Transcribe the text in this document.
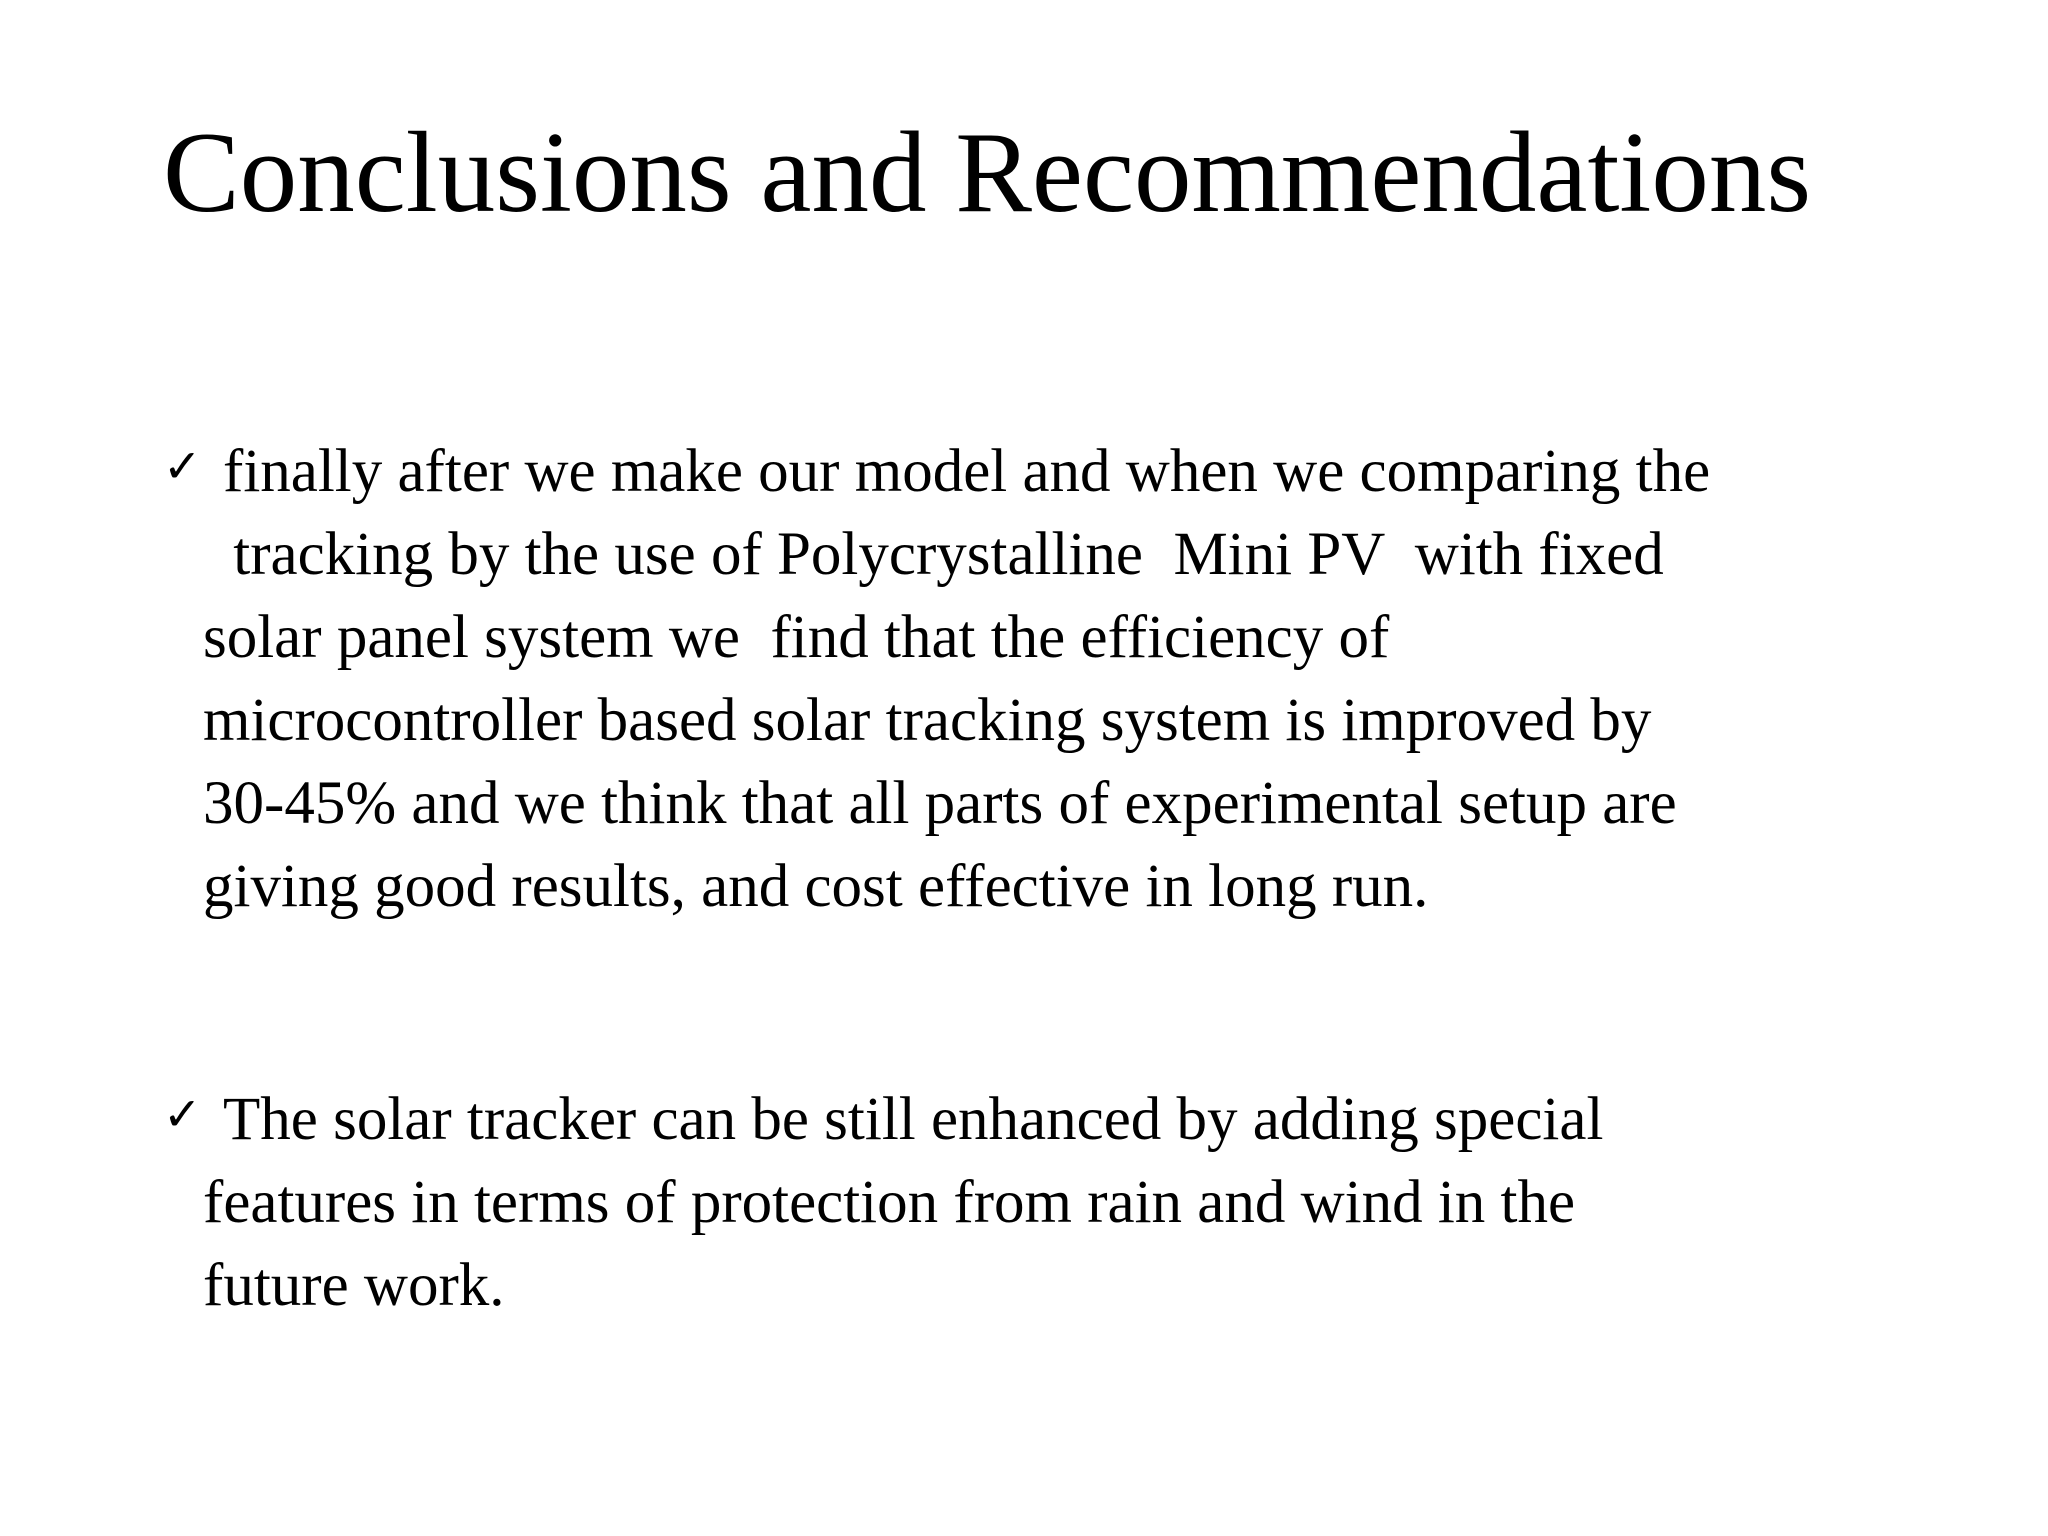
Conclusions and Recommendations
✓ finally after we make our model and when we comparing the
tracking by the use of Polycrystalline  Mini PV  with fixed
solar panel system we  find that the efficiency of
microcontroller based solar tracking system is improved by
30-45% and we think that all parts of experimental setup are
giving good results, and cost effective in long run.
✓ The solar tracker can be still enhanced by adding special
features in terms of protection from rain and wind in the
future work.
